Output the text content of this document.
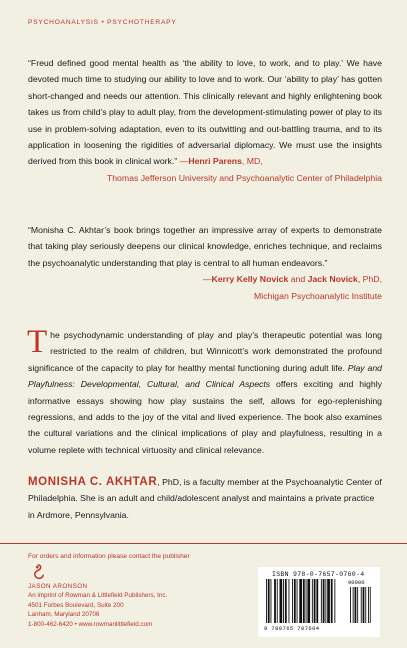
PSYCHOANALYSIS • PSYCHOTHERAPY
“Freud defined good mental health as ‘the ability to love, to work, and to play.’ We have devoted much time to studying our ability to love and to work. Our ‘ability to play’ has gotten short-changed and needs our attention. This clinically relevant and highly enlightening book takes us from child’s play to adult play, from the development-stimulating power of play to its use in problem-solving adaptation, even to its outwitting and out-battling trauma, and to its application in loosening the rigidities of adversarial diplomacy. We must use the insights derived from this book in clinical work.” —Henri Parens, MD,
Thomas Jefferson University and Psychoanalytic Center of Philadelphia
“Monisha C. Akhtar’s book brings together an impressive array of experts to demonstrate that taking play seriously deepens our clinical knowledge, enriches technique, and reclaims the psychoanalytic understanding that play is central to all human endeavors.”
—Kerry Kelly Novick and Jack Novick, PhD,
Michigan Psychoanalytic Institute
The psychodynamic understanding of play and play’s therapeutic potential was long restricted to the realm of children, but Winnicott’s work demonstrated the profound significance of the capacity to play for healthy mental functioning during adult life. Play and Playfulness: Developmental, Cultural, and Clinical Aspects offers exciting and highly informative essays showing how play sustains the self, allows for ego-replenishing regressions, and adds to the joy of the vital and lived experience. The book also examines the cultural variations and the clinical implications of play and playfulness, resulting in a volume replete with technical virtuosity and clinical relevance.
MONISHA C. AKHTAR, PhD, is a faculty member at the Psychoanalytic Center of Philadelphia. She is an adult and child/adolescent analyst and maintains a private practice in Ardmore, Pennsylvania.
For orders and information please contact the publisher
JASON ARONSON
An imprint of Rowman & Littlefield Publishers, Inc.
4501 Forbes Boulevard, Suite 200
Lanham, Maryland 20706
1-800-462-6420 • www.rowmanlittlefield.com
ISBN 978-0-7657-0760-4
90000
9 780765 707604
